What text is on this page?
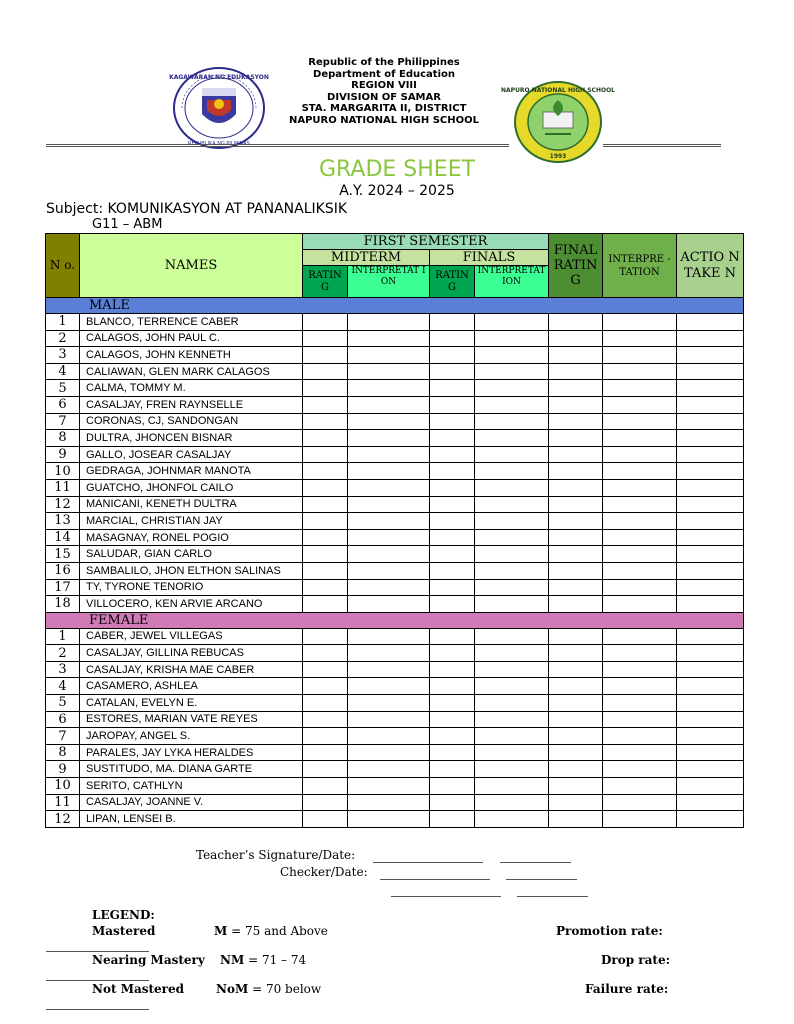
KAGAWARAN NG EDUKASYON
REPUBLIKA NG PILIPINAS
NAPURO NATIONAL HIGH SCHOOL
1993
Republic of the Philippines
Department of Education
REGION VIII
DIVISION OF SAMAR
STA. MARGARITA II, DISTRICT
NAPURO NATIONAL HIGH SCHOOL
GRADE SHEET
A.Y. 2024 – 2025
Subject: KOMUNIKASYON AT PANANALIKSIK
G11 – ABM
N o.	NAMES	FIRST SEMESTER				FINAL RATIN G	INTERPRE -TATION	ACTIO N TAKE N
		MIDTERM		FINALS				
		RATIN G	INTERPRETAT ION	RATIN G	INTERPRETAT ION			
MALE								
1	BLANCO, TERRENCE CABER							
2	CALAGOS, JOHN PAUL C.							
3	CALAGOS, JOHN KENNETH							
4	CALIAWAN, GLEN MARK CALAGOS							
5	CALMA, TOMMY M.							
6	CASALJAY, FREN RAYNSELLE							
7	CORONAS, CJ, SANDONGAN							
8	DULTRA, JHONCEN BISNAR							
9	GALLO, JOSEAR CASALJAY							
10	GEDRAGA, JOHNMAR MANOTA							
11	GUATCHO, JHONFOL CAILO							
12	MANICANI, KENETH DULTRA							
13	MARCIAL, CHRISTIAN JAY							
14	MASAGNAY, RONEL POGIO							
15	SALUDAR, GIAN CARLO							
16	SAMBALILO, JHON ELTHON SALINAS							
17	TY, TYRONE TENORIO							
18	VILLOCERO, KEN ARVIE ARCANO							
FEMALE								
1	CABER, JEWEL VILLEGAS							
2	CASALJAY, GILLINA REBUCAS							
3	CASALJAY, KRISHA MAE CABER							
4	CASAMERO, ASHLEA							
5	CATALAN, EVELYN E.							
6	ESTORES, MARIAN VATE REYES							
7	JAROPAY, ANGEL S.							
8	PARALES, JAY LYKA HERALDES							
9	SUSTITUDO, MA. DIANA GARTE							
10	SERITO, CATHLYN							
11	CASALJAY, JOANNE V.							
12	LIPAN, LENSEI B.							
Teacher’s Signature/Date:
Checker/Date:
LEGEND:
Mastered	M = 75 and Above	Promotion rate:
Nearing Mastery NM = 71 – 74	Drop rate:
Not Mastered	NoM = 70 below	Failure rate:
